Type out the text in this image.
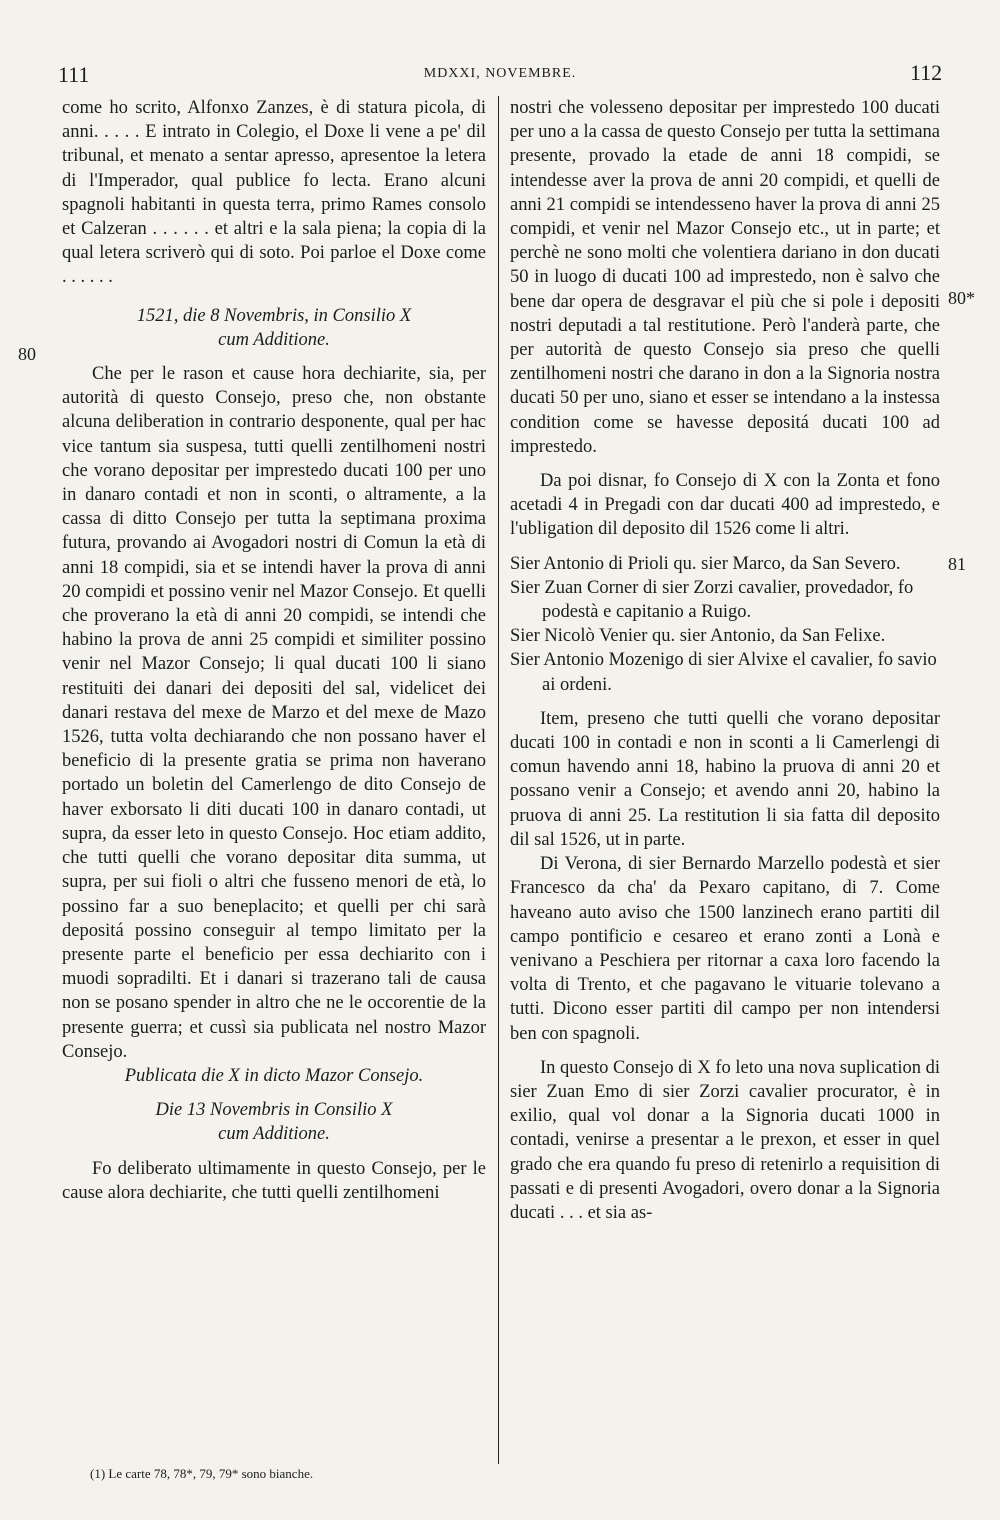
111	MDXXI, NOVEMBRE.	112
80
80*
81

come ho scrito, Alfonxo Zanzes, è di statura picola, di anni. . . . . E intrato in Colegio, el Doxe li vene a pe' dil tribunal, et menato a sentar apresso, apresentoe la letera di l'Imperador, qual publice fo lecta. Erano alcuni spagnoli habitanti in questa terra, primo Rames consolo et Calzeran . . . . . . et altri e la sala piena; la copia di la qual letera scriverò qui di soto. Poi parloe el Doxe come . . . . . .

1521, die 8 Novembris, in Consilio X

cum Additione.

Che per le rason et cause hora dechiarite, sia, per autorità di questo Consejo, preso che, non obstante alcuna deliberation in contrario desponente, qual per hac vice tantum sia suspesa, tutti quelli zentilhomeni nostri che vorano depositar per imprestedo ducati 100 per uno in danaro contadi et non in sconti, o altramente, a la cassa di ditto Consejo per tutta la septimana proxima futura, provando ai Avogadori nostri di Comun la età di anni 18 compidi, sia et se intendi haver la prova di anni 20 compidi et possino venir nel Mazor Consejo. Et quelli che proverano la età di anni 20 compidi, se intendi che habino la prova de anni 25 compidi et similiter possino venir nel Mazor Consejo; li qual ducati 100 li siano restituiti dei danari dei depositi del sal, videlicet dei danari restava del mexe de Marzo et del mexe de Mazo 1526, tutta volta dechiarando che non possano haver el beneficio di la presente gratia se prima non haverano portado un boletin del Camerlengo de dito Consejo de haver exborsato li diti ducati 100 in danaro contadi, ut supra, da esser leto in questo Consejo. Hoc etiam addito, che tutti quelli che vorano depositar dita summa, ut supra, per sui fioli o altri che fusseno menori de età, lo possino far a suo beneplacito; et quelli per chi sarà depositá possino conseguir al tempo limitato per la presente parte el beneficio per essa dechiarito con i muodi sopradilti. Et i danari si trazerano tali de causa non se posano spender in altro che ne le occorentie de la presente guerra; et cussì sia publicata nel nostro Mazor Consejo.

Publicata die X in dicto Mazor Consejo.

Die 13 Novembris in Consilio X

cum Additione.

Fo deliberato ultimamente in questo Consejo, per le cause alora dechiarite, che tutti quelli zentilhomeni

nostri che volesseno depositar per imprestedo 100 ducati per uno a la cassa de questo Consejo per tutta la settimana presente, provado la etade de anni 18 compidi, se intendesse aver la prova de anni 20 compidi, et quelli de anni 21 compidi se intendesseno haver la prova di anni 25 compidi, et venir nel Mazor Consejo etc., ut in parte; et perchè ne sono molti che volentiera dariano in don ducati 50 in luogo di ducati 100 ad imprestedo, non è salvo che bene dar opera de desgravar el più che si pole i depositi nostri deputadi a tal restitutione. Però l'anderà parte, che per autorità de questo Consejo sia preso che quelli zentilhomeni nostri che darano in don a la Signoria nostra ducati 50 per uno, siano et esser se intendano a la instessa condition come se havesse depositá ducati 100 ad imprestedo.

Da poi disnar, fo Consejo di X con la Zonta et fono acetadi 4 in Pregadi con dar ducati 400 ad imprestedo, e l'ubligation dil deposito dil 1526 come li altri.

Sier Antonio di Prioli qu. sier Marco, da San Severo.

Sier Zuan Corner di sier Zorzi cavalier, provedador, fo podestà e capitanio a Ruigo.

Sier Nicolò Venier qu. sier Antonio, da San Felixe.

Sier Antonio Mozenigo di sier Alvixe el cavalier, fo savio ai ordeni.

Item, preseno che tutti quelli che vorano depositar ducati 100 in contadi e non in sconti a li Camerlengi di comun havendo anni 18, habino la pruova di anni 20 et possano venir a Consejo; et avendo anni 20, habino la pruova di anni 25. La restitution li sia fatta dil deposito dil sal 1526, ut in parte.

Di Verona, di sier Bernardo Marzello podestà et sier Francesco da cha' da Pexaro capitano, di 7. Come haveano auto aviso che 1500 lanzinech erano partiti dil campo pontificio e cesareo et erano zonti a Lonà e venivano a Peschiera per ritornar a caxa loro facendo la volta di Trento, et che pagavano le vituarie tolevano a tutti. Dicono esser partiti dil campo per non intendersi ben con spagnoli.

In questo Consejo di X fo leto una nova suplication di sier Zuan Emo di sier Zorzi cavalier procurator, è in exilio, qual vol donar a la Signoria ducati 1000 in contadi, venirse a presentar a le prexon, et esser in quel grado che era quando fu preso di retenirlo a requisition di passati e di presenti Avogadori, overo donar a la Signoria ducati . . . et sia as-

(1) Le carte 78, 78*, 79, 79* sono bianche.
